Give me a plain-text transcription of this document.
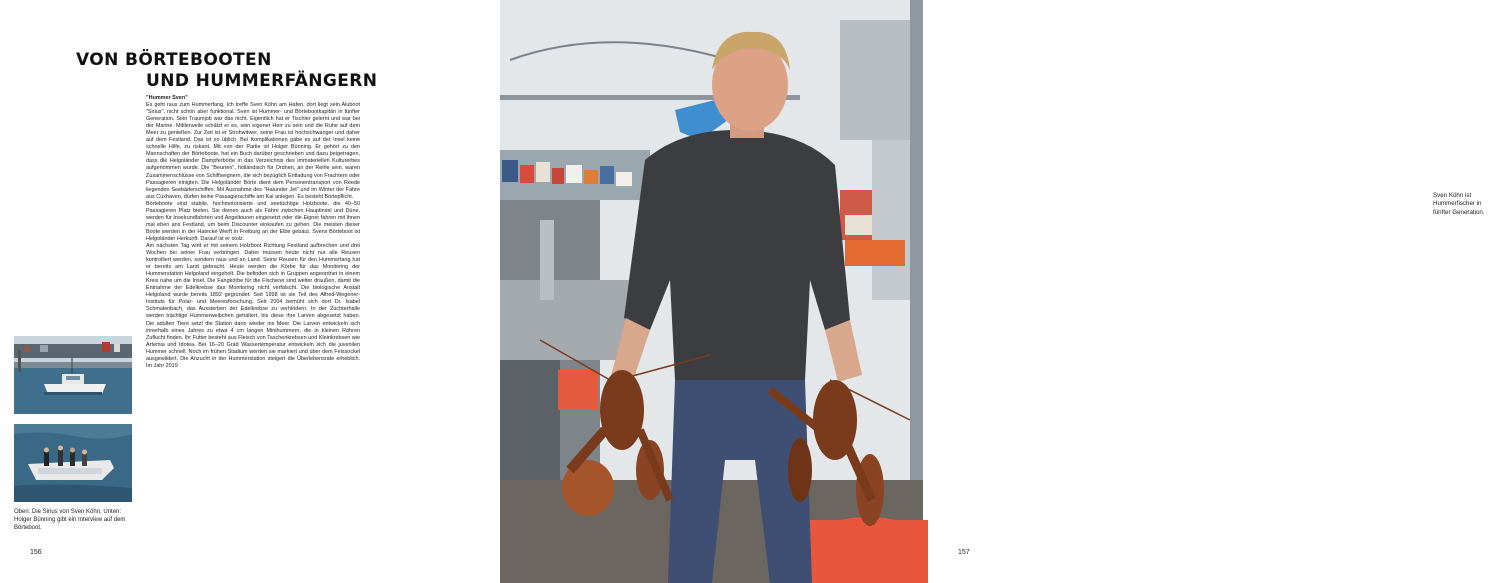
VON BÖRTEBOOTEN
UND HUMMERFÄNGERN
"Hummer Sven"

Es geht raus zum Hummerfang. Ich treffe Sven Köhn am Hafen, dort liegt sein Aluboot "Sirius", nicht schön aber funktional. Sven ist Hummer- und Börtebootkapitän in fünfter Generation. Sein Traumjob war das nicht. Eigentlich hat er Tischler gelernt und war bei der Marine. Mittlerweile schätzt er es, sein eigener Herr zu sein und die Ruhe auf dem Meer zu genießen. Zur Zeit ist er Strohwitwer, seine Frau ist hochschwanger und daher auf dem Festland. Das ist so üblich. Bei Komplikationen gäbe es auf der Insel keine schnelle Hilfe, zu riskant. Mit von der Partie ist Holger Bünning. Er gehört zu den Mannschaften der Börteboote, hat ein Buch darüber geschrieben und dazu beigetragen, dass die Helgoländer Dampferbörte in das Verzeichnis des immateriellen Kulturerbes aufgenommen wurde. Die "Beurten", holländisch für Ordnen, an der Reihe sein, waren Zusammenschlüsse von Schiffseignern, die sich bezüglich Entladung von Frachtern oder Passagieren einigten. Die Helgoländer Börte dient dem Personentransport von Reede liegenden Seebäderschiffen. Mit Ausnahme des "Halunder Jet" und im Winter der Fähre aus Cuxhaven, dürfen keine Passagierschiffe am Kai anlegen. Es besteht Börtepflicht.

Börteboote sind stabile, hochmotorisierte und seetüchtige Holzboote, die 40–50 Passagieren Platz bieten. Sie dienen auch als Fähre zwischen Hauptinsel und Düne, werden für Inselrundfahrten und Angeltouren eingesetzt oder die Eigner fahren mit ihnen mal eben ans Festland, um beim Discounter einkaufen zu gehen. Die meisten dieser Boote werden in der Hatecke Werft in Freiburg an der Elbe gebaut. Svens Börteboot ist Helgoländer Herkunft. Darauf ist er stolz.

Am nächsten Tag wird er mit seinem Holzboot Richtung Festland aufbrechen und drei Wochen bei seiner Frau verbringen. Daher müssen heute nicht nur alle Reusen kontrolliert werden, sondern raus und an Land. Seine Reusen für den Hummerfang hat er bereits am Land gebracht. Heute werden die Körbe für das Monitoring der Hummerstation Helgoland eingeholt. Die befinden sich in Gruppen angeordnet in einem Kreis nahe um die Insel. Die Fangkörbe für die Fischerei sind weiter draußen, damit die Entnahme der Edelkrebse das Monitoring nicht verfälscht. Die biologische Anstalt Helgoland wurde bereits 1892 gegründet. Seit 1998 ist sie Teil des Alfred-Wegener-Instituts für Polar- und Meeresforschung. Seit 2004 bemüht sich dort Dr. Isabel Schmalenbach, das Aussterben der Edelkrebse zu verhindern. In der Züchterhalle werden trächtige Hummerweibchen gehältert, bis diese ihre Larven abgesetzt haben. Die adulten Tiere setzt die Station dann wieder ins Meer. Die Larven entwickeln sich innerhalb eines Jahres zu etwa 4 cm langen Minihummern, die in kleinen Röhren Zuflucht finden. Ihr Futter besteht aus Fleisch von Taschenkrebsen und Kleinkrebsen wie Artemia und Idotea. Bei 16–20 Grad Wassertemperatur entwickeln sich die juvenilen Hummer schnell. Noch im frühen Stadium werden sie markiert und über dem Felssockel ausgewildert. Die Anzucht in der Hummerstation steigert die Überlebensrate erheblich. Im Jahr 2019

Oben: Die Sirius von Sven Köhn. Unten: Holger Bünning gibt ein Interview auf dem Börteboot.
156
Sven Köhn ist Hummerfischer in fünfter Generation.
157
